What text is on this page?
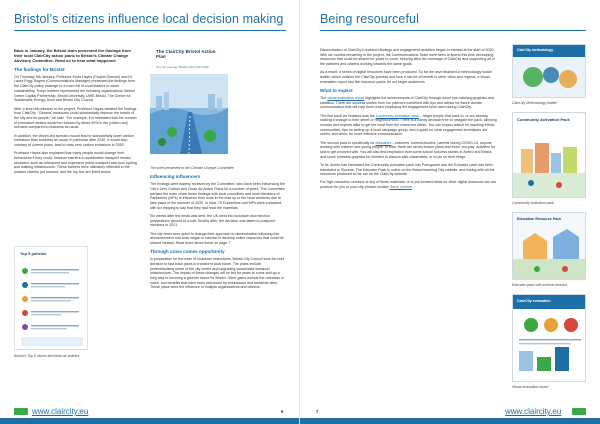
Bristol’s citizens influence local decision making

Back in January, the Bristol team presented the findings from their local ClairCity action plans to Bristol’s Climate Change Advisory Committee. Read on to hear what happened

The findings for Bristol

On Thursday 9th January, Professor Enda Hayes (Project Director) and Dr Laura Fogg-Rogers (Communications Manager) presented the findings from the ClairCity policy package to a room full of local leaders in urban sustainability. These leaders represented the following organisations: Bristol Green Capital Partnership, Bristol University, UWE-Bristol, The Centre for Sustainable Energy, Avon and Bristol City Council.

After a short introduction to the project, Professor Hayes detailed the findings from ClairCity. “Citizens’ measures could substantially improve the health of the city and its people,” he said. “For example, it is estimated that the number of premature deaths would be reduced by about 50% in the [citizen-led] scenario compared to business as usual.

In addition, the citizen-led scenario would lead to substantially lower carbon emissions than business as usual, in particular after 2030. It would also, contrary to current plans, lead to near-zero carbon emissions in 2050.

Professor Hayes also explained that many people would change their behaviours if they could, however barriers to sustainable transport modes persisted, such as infrequent and expensive public transport and poor cycling and walking infrastructure. These barriers were ultimately reflected in the policies citizens put forward, and the top five are listed below.

Top 5 policies
Bristol’s Top 5 citizen-led clean air policies
The ClairCity Bristol Action Plan
Your air, your say: Bristol Action Plan 2020

The brief presented to the Climate Change Committee

Influencing influencers

The findings were warmly received by the Committee, who have been influencing the City’s Zero Carbon and Clean Air Action Plans for a number of years. The Committee advises the team share these findings with local councillors and local Members of Parliament (MPs) to influence their work in the lead up to the local elections due to take place in the summer of 2020. In total, 70 Councillors and MPs were contacted, with six replying to say that they had read the materials.

Six weeks after the email was sent, the UK went into lockdown and election preparations ground to a halt. Shortly after, the decision was taken to postpone elections to 2021.

The city team were quick to change their approach to dissemination following this announcement and work began in earnest to develop online resources that could be shared instead. Read more about these on page 7.

Through crisis comes opportunity

In preparation for the ease of lockdown restrictions, Bristol City Council took the bold decision to fast-track plans to transform local travel. The plans include pedestrianising some of the city centre and upgrading sustainable transport infrastructure. The impact of these changes will be felt for years to come and go a long way to securing a greener future for Bristol. Other gains include the reduction in noise, and benefits that have been welcomed by businesses and residents alike. These plans were the influence of multiple organisations and citizens.

www.claircity.eu	6
Being resourceful

Dissemination of ClairCity’s research findings and engagement activities began in earnest at the start of 2020. With six months remaining in the project, the Communications Team were keen to spend this time developing resources that could be shared for years to come, keeping alive the message of ClairCity and supporting all of the partners and citizens working towards the same goals.

As a result, a series of digital resources have been produced. So far we have finalised a methodology toolkit leaflet, which outlines the ClairCity process and how it can be of benefit to other cities and regions, a visual evaluation report and five resource packs for our target audiences.

What to expect

The visual evaluation report highlights the achievements of ClairCity through some eye-catching graphics and statistics. There are success stories from our partners combined with tips and advice for future climate communicators that will help them when employing the engagement tools used during ClairCity.

The first pack we finalised was the Community Activation pack – target people that want to, or are already, making a change to their street or neighbourhood. There is a handy decision tree to navigate the pack, allowing novices and experts alike to get the most from the resources within. You can expect advice on reaching ethnic communities, tips on setting up a local campaign group, and a guide on what engagement techniques are useful, and when, for more effective communication.

The second pack is specifically for educators – teachers, homeschoolers, parents during COVID-19, anyone working with children and young people. In total, there are seven lesson plans and three ‘out-play’ activities for kids to get involved with. You will also find inspiration from some school success stories in Aveiro and Bristol, and some printable graphics for children to discuss with classmates, or to pin on their fridge.

To fix, Aveiro has translated the Community Activation pack into Portuguese and the Educator pack has been translated to Slovene. The Educator Pack is online on the Bristol teaching City website, and linking with all the resources produced so far are on the ClairCity website.

For high-resolution versions of any of these materials, or to put forward ideas for other digital resources we can produce for you or your city, please contact Gavin Lennon.

ClairCity methodology
ClairCity Methodology leaflet
Community Activation Pack
Community Activation pack
Education Resource Pack
Educator pack with schools lessons
ClairCity evaluation
Visual evaluation report
7	www.claircity.eu
